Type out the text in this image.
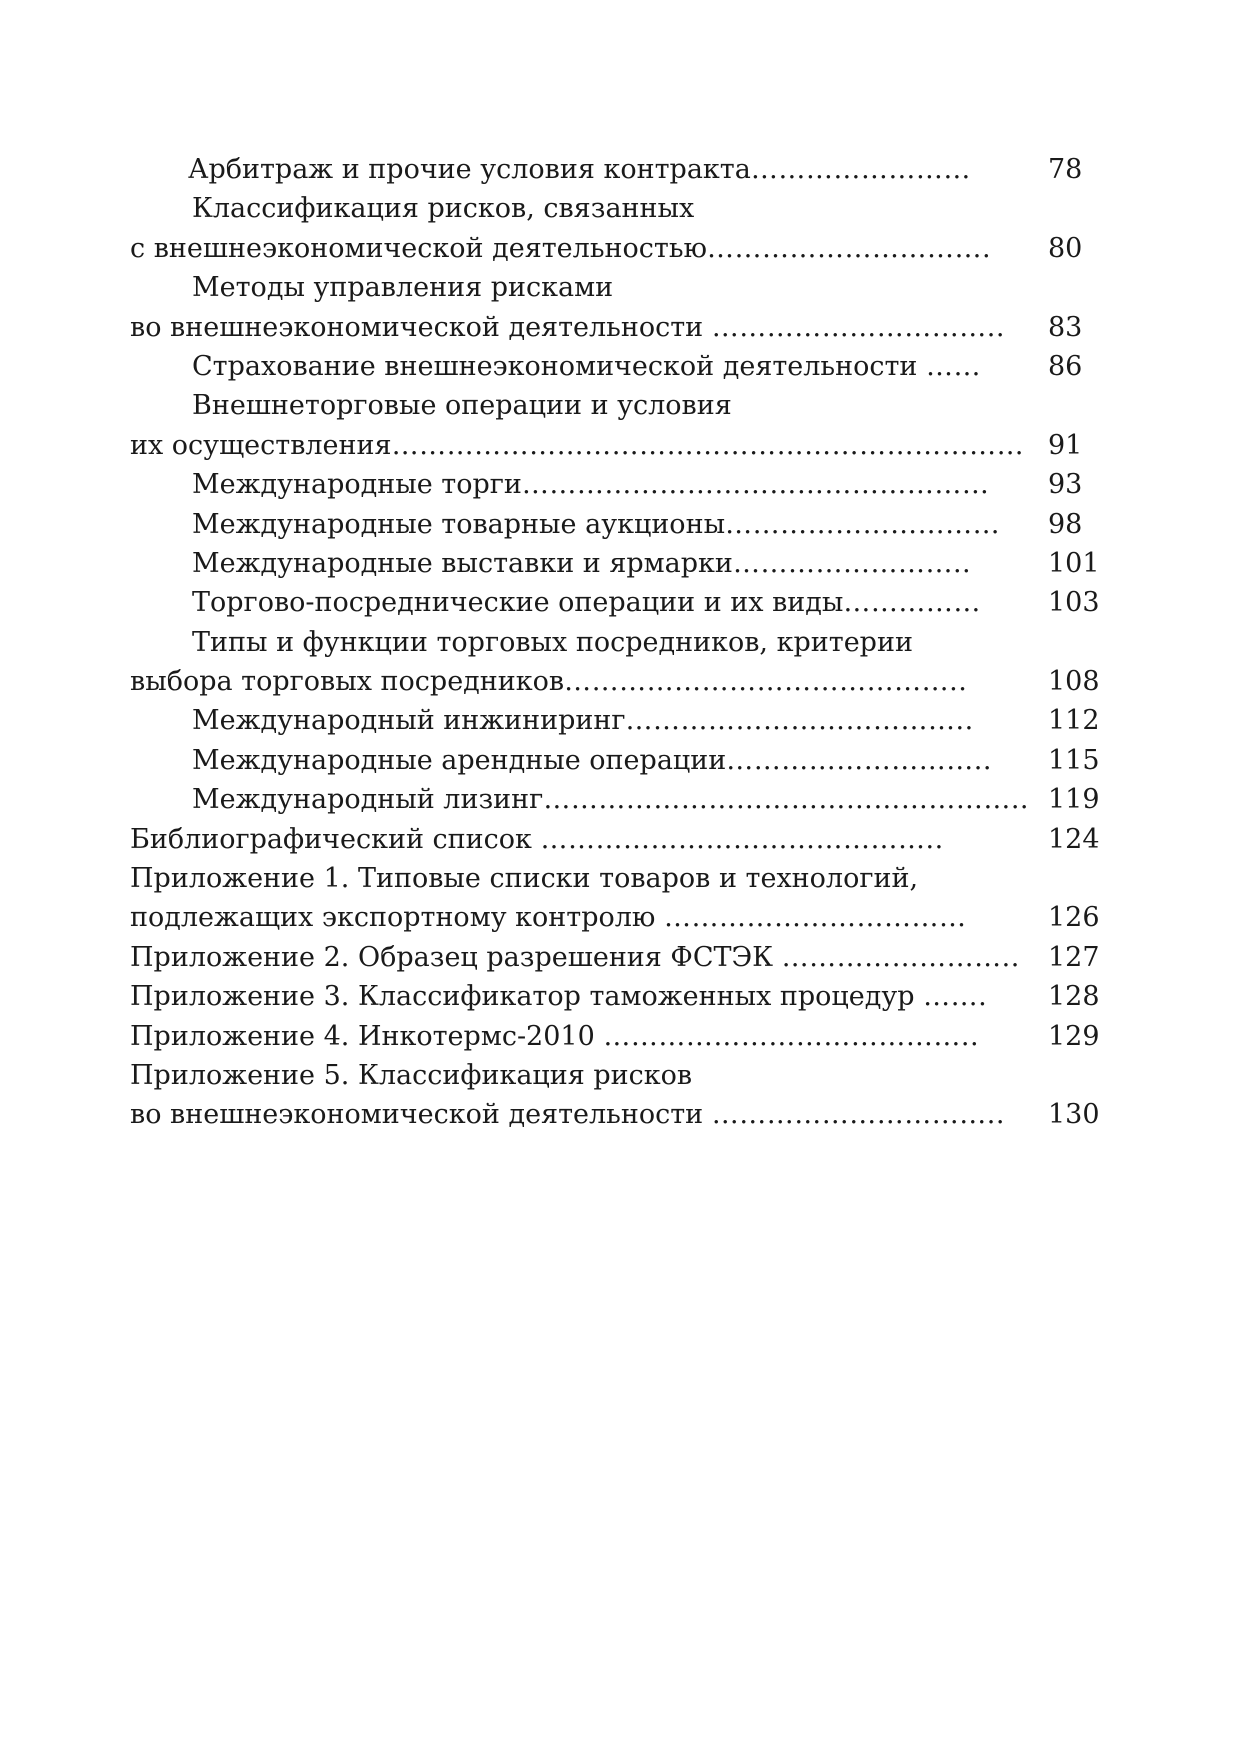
Арбитраж и прочие условия контракта……………………	78
Классификация рисков, связанных
с внешнеэкономической деятельностью…………………………. 80
Методы управления рисками
во внешнеэкономической деятельности ………………………….. 83
Страхование внешнеэкономической деятельности …… 86
Внешнеторговые операции и условия
их осуществления…………………………………………………………… 91
Международные торги…………………………………………… 93
Международные товарные аукционы………………………… 98
Международные выставки и ярмарки……………………..	101
Торгово-посреднические операции и их виды…………… 103
Типы и функции торговых посредников, критерии
выбора торговых посредников……………………………………..	108
Международный инжиниринг………………………………..	112
Международные арендные операции……………………….. 115
Международный лизинг…………………………………………….. 119
Библиографический список ……………………………………..	124
Приложение 1. Типовые списки товаров и технологий,
подлежащих экспортному контролю ……………………………	126
Приложение 2. Образец разрешения ФСТЭК …………………….. 127
Приложение 3. Классификатор таможенных процедур ……. 128
Приложение 4. Инкотермс-2010 …………………………………..	129
Приложение 5. Классификация рисков
во внешнеэкономической деятельности ………………………….. 130
